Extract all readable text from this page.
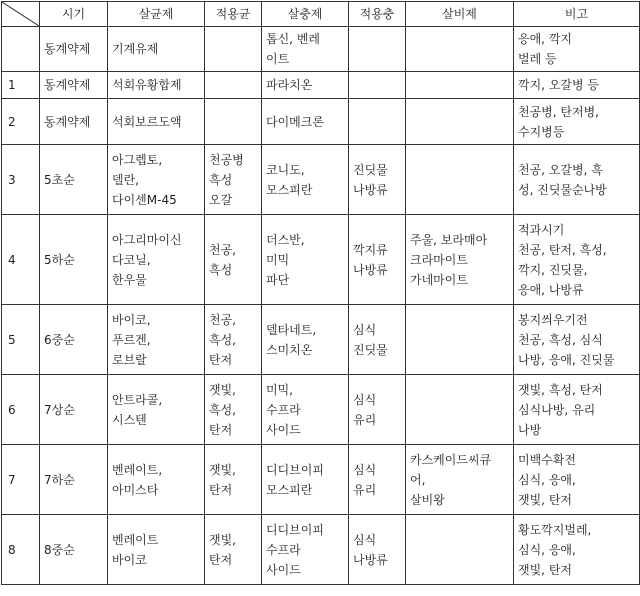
	시기	살균제	적용균	살충제	적용충	살비제	비고

	동계약제	기계유제		톱신, 벤레
이트			응애, 깍지
벌레 등

1	동계약제	석회유황합제		파라치온			깍지, 오갈병 등

2	동계약제	석회보르도액		다이메크론			천공병, 탄저병,
수지병등

3	5초순	아그렙토,
델란,
다이센M-45	천공병
흑성
오갈	코니도,
모스피란	진딧물
나방류		천공, 오갈병, 흑
성, 진딧물순나방

4	5하순	아그리마이신
다코닐,
한우물	천공,
흑성	더스반,
미믹
파단	깍지류
나방류	주울, 보라매아
크라마이트
가네마이트	적과시기
천공, 탄저, 흑성,
깍지, 진딧물,
응애, 나방류

5	6중순	바이코,
푸르겐,
로브랄	천공,
흑성,
탄저	델타네트,
스미치온	심식
진딧물		봉지씌우기전
천공, 흑성, 심식
나방, 응애, 진딧물

6	7상순	안트라콜,
시스텐	잿빛,
흑성,
탄저	미믹,
수프라
사이드	심식
유리		잿빛, 흑성, 탄저
심식나방, 유리
나방

7	7하순	벤레이트,
아미스타	잿빛,
탄저	디디브이피
모스피란	심식
유리	카스케이드씨큐
어,
살비왕	미백수확전
심식, 응애,
잿빛, 탄저

8	8중순	벤레이트
바이코	잿빛,
탄저	디디브이피
수프라
사이드	심식
나방류		황도깍지벌레,
심식, 응애,
잿빛, 탄저
